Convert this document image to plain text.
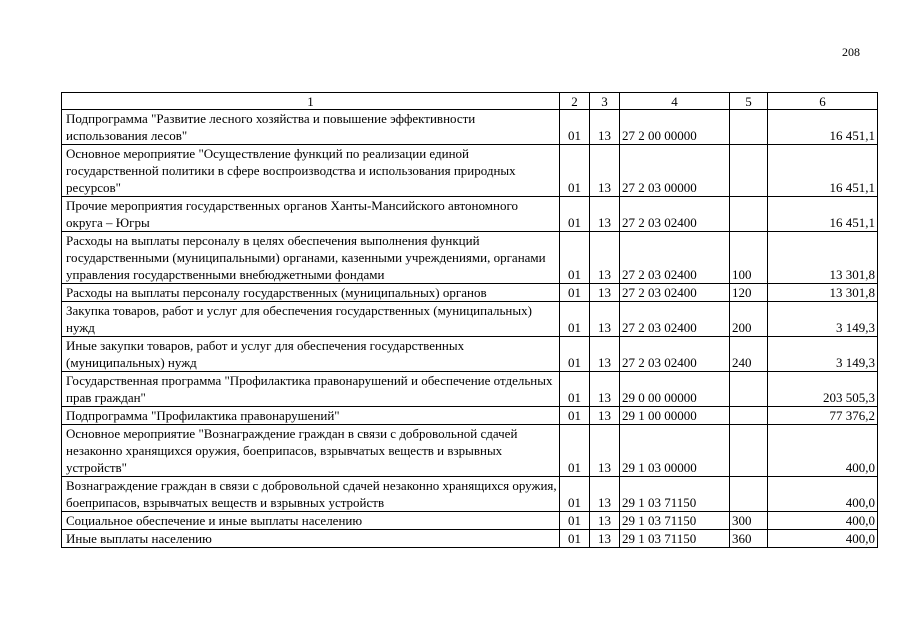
208
1	2	3	4	5	6
Подпрограмма "Развитие лесного хозяйства и повышение эффективности использования лесов"	01	13	27 2 00 00000		16 451,1
Основное мероприятие "Осуществление функций по реализации единой государственной политики в сфере воспроизводства и использования природных ресурсов"	01	13	27 2 03 00000		16 451,1
Прочие мероприятия государственных органов Ханты-Мансийского автономного округа – Югры	01	13	27 2 03 02400		16 451,1
Расходы на выплаты персоналу в целях обеспечения выполнения функций государственными (муниципальными) органами, казенными учреждениями, органами управления государственными внебюджетными фондами	01	13	27 2 03 02400	100	13 301,8
Расходы на выплаты персоналу государственных (муниципальных) органов	01	13	27 2 03 02400	120	13 301,8
Закупка товаров, работ и услуг для обеспечения государственных (муниципальных) нужд	01	13	27 2 03 02400	200	3 149,3
Иные закупки товаров, работ и услуг для обеспечения государственных (муниципальных) нужд	01	13	27 2 03 02400	240	3 149,3
Государственная программа "Профилактика правонарушений и обеспечение отдельных прав граждан"	01	13	29 0 00 00000		203 505,3
Подпрограмма "Профилактика правонарушений"	01	13	29 1 00 00000		77 376,2
Основное мероприятие "Вознаграждение граждан в связи с добровольной сдачей незаконно хранящихся оружия, боеприпасов, взрывчатых веществ и взрывных устройств"	01	13	29 1 03 00000		400,0
Вознаграждение граждан в связи с добровольной сдачей незаконно хранящихся оружия, боеприпасов, взрывчатых веществ и взрывных устройств	01	13	29 1 03 71150		400,0
Социальное обеспечение и иные выплаты населению	01	13	29 1 03 71150	300	400,0
Иные выплаты населению	01	13	29 1 03 71150	360	400,0
